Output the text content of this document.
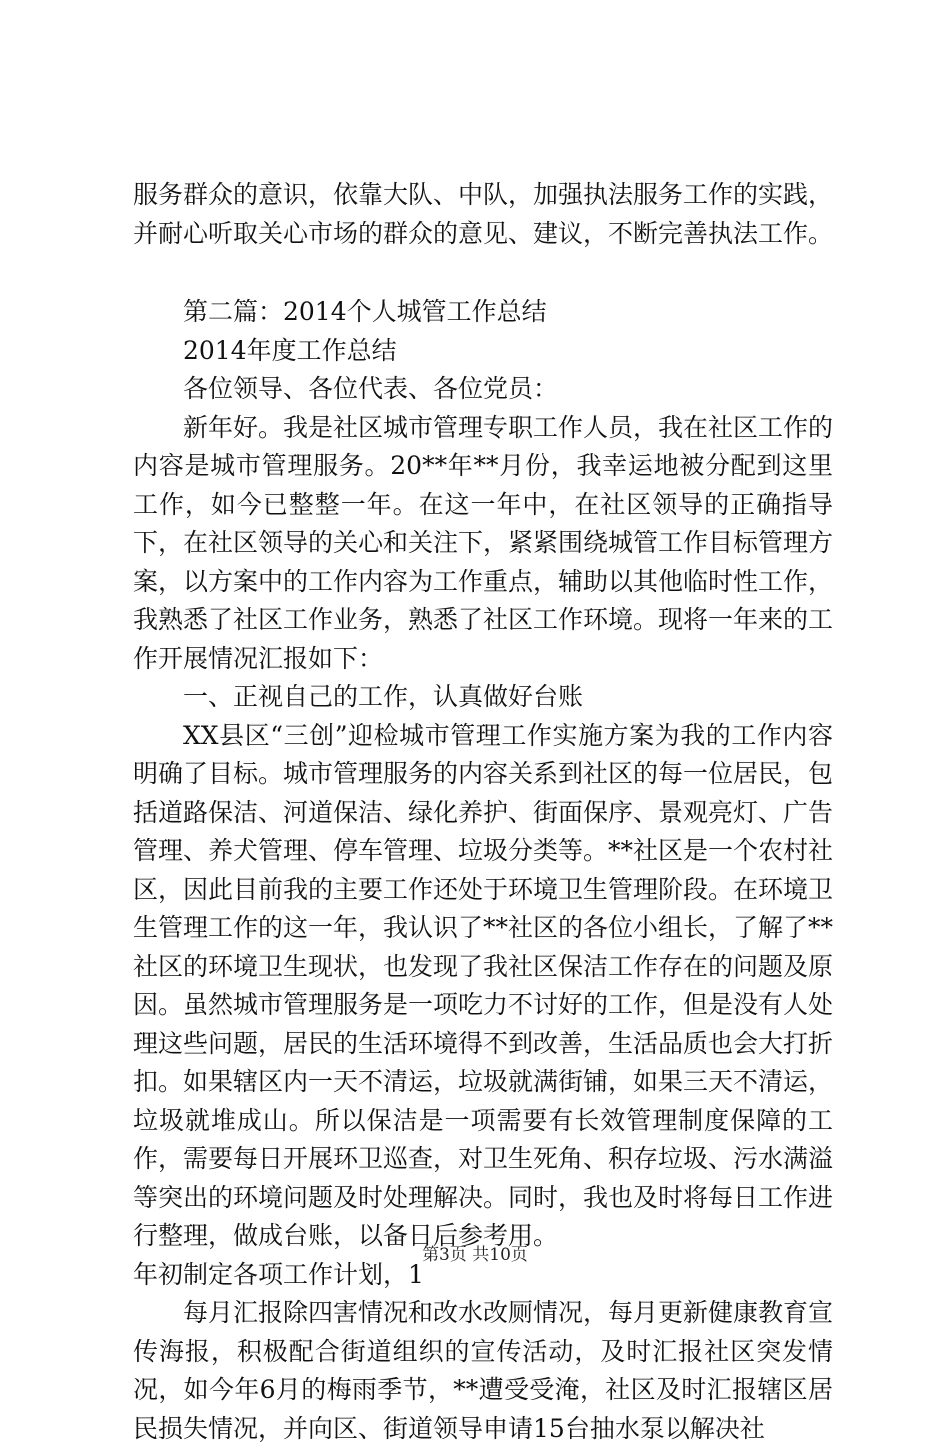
服务群众的意识，依靠大队、中队，加强执法服务工作的实践，并耐心听取关心市场的群众的意见、建议，不断完善执法工作。

第二篇：2014个人城管工作总结

2014年度工作总结

各位领导、各位代表、各位党员：

新年好。我是社区城市管理专职工作人员，我在社区工作的内容是城市管理服务。20**年**月份，我幸运地被分配到这里工作，如今已整整一年。在这一年中，在社区领导的正确指导下，在社区领导的关心和关注下，紧紧围绕城管工作目标管理方案，以方案中的工作内容为工作重点，辅助以其他临时性工作，我熟悉了社区工作业务，熟悉了社区工作环境。现将一年来的工作开展情况汇报如下：

一、正视自己的工作，认真做好台账

XX县区“三创”迎检城市管理工作实施方案为我的工作内容明确了目标。城市管理服务的内容关系到社区的每一位居民，包括道路保洁、河道保洁、绿化养护、街面保序、景观亮灯、广告管理、养犬管理、停车管理、垃圾分类等。**社区是一个农村社区，因此目前我的主要工作还处于环境卫生管理阶段。在环境卫生管理工作的这一年，我认识了**社区的各位小组长，了解了**社区的环境卫生现状，也发现了我社区保洁工作存在的问题及原因。虽然城市管理服务是一项吃力不讨好的工作，但是没有人处理这些问题，居民的生活环境得不到改善，生活品质也会大打折扣。如果辖区内一天不清运，垃圾就满街铺，如果三天不清运，垃圾就堆成山。所以保洁是一项需要有长效管理制度保障的工作，需要每日开展环卫巡查，对卫生死角、积存垃圾、污水满溢等突出的环境问题及时处理解决。同时，我也及时将每日工作进行整理，做成台账，以备日后参考用。

年初制定各项工作计划，1

每月汇报除四害情况和改水改厕情况，每月更新健康教育宣传海报，积极配合街道组织的宣传活动，及时汇报社区突发情况，如今年6月的梅雨季节，**遭受受淹，社区及时汇报辖区居民损失情况，并向区、街道领导申请15台抽水泵以解决社

第3页 共10页
